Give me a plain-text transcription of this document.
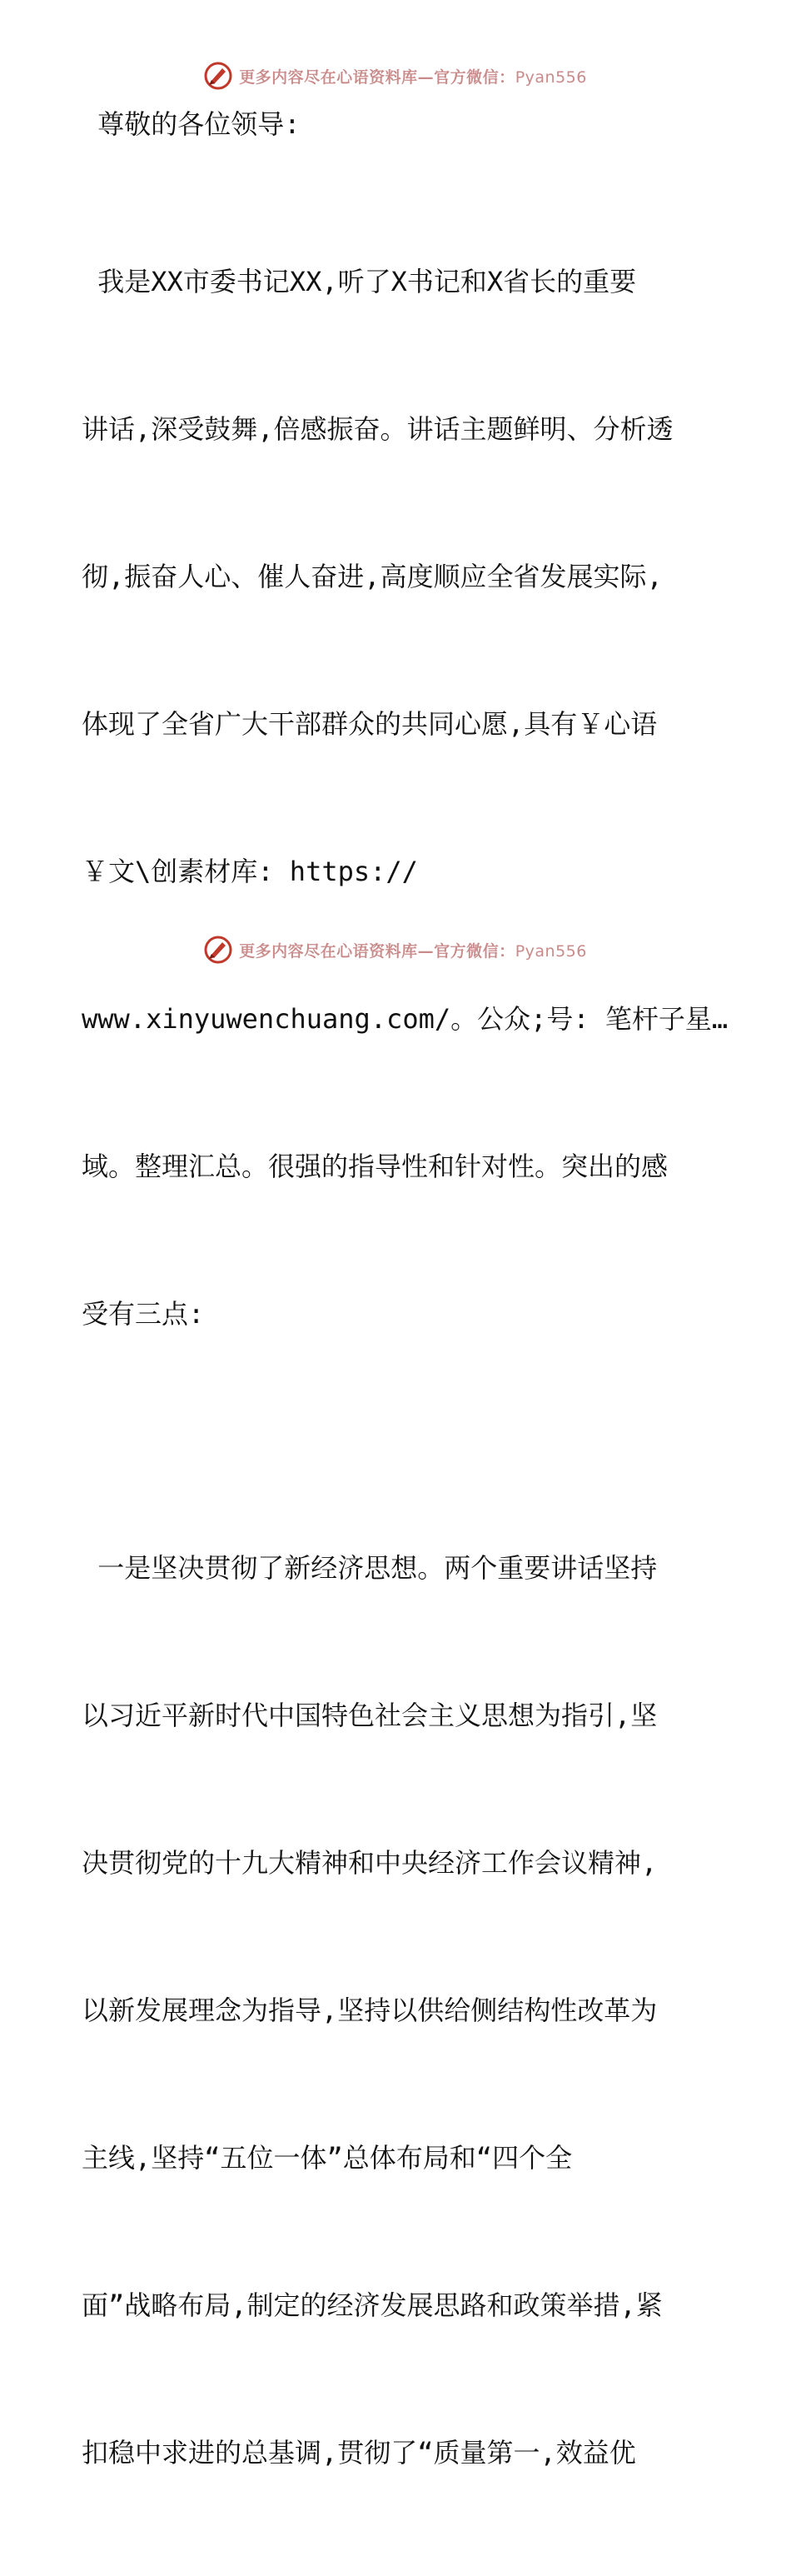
更多内容尽在心语资料库—官方微信：Pyan556

尊敬的各位领导:

我是XX市委书记XX,听了X书记和X省长的重要

讲话,深受鼓舞,倍感振奋。讲话主题鲜明、分析透

彻,振奋人心、催人奋进,高度顺应全省发展实际,

体现了全省广大干部群众的共同心愿,具有￥心语

￥文\创素材库: https://

www.xinyuwenchuang.com/。公众;号: 笔杆子星…

域。整理汇总。很强的指导性和针对性。突出的感

受有三点:

一是坚决贯彻了新经济思想。两个重要讲话坚持

以习近平新时代中国特色社会主义思想为指引,坚

决贯彻党的十九大精神和中央经济工作会议精神,

以新发展理念为指导,坚持以供给侧结构性改革为

主线,坚持“五位一体”总体布局和“四个全

面”战略布局,制定的经济发展思路和政策举措,紧

扣稳中求进的总基调,贯彻了“质量第一,效益优

更多内容尽在心语资料库—官方微信：Pyan556
